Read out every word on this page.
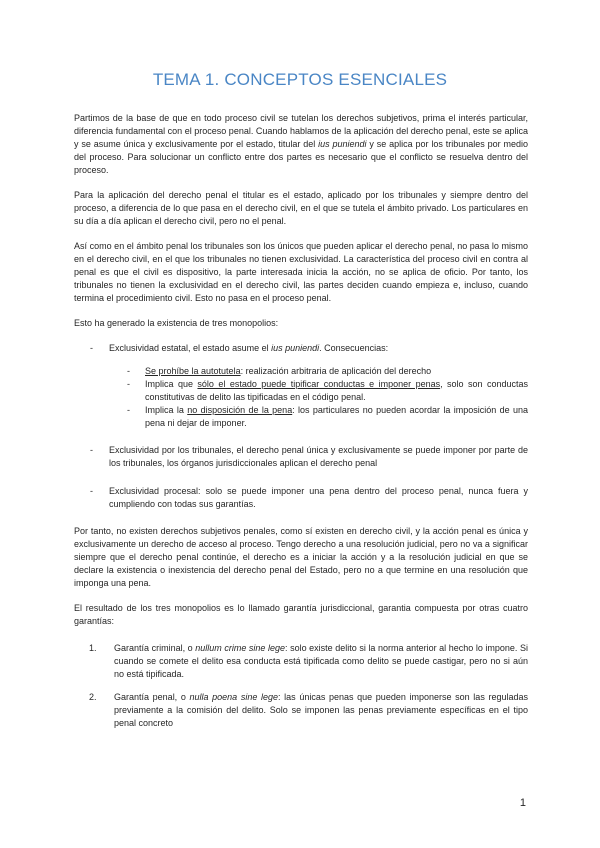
TEMA 1. CONCEPTOS ESENCIALES

Partimos de la base de que en todo proceso civil se tutelan los derechos subjetivos, prima el interés particular, diferencia fundamental con el proceso penal. Cuando hablamos de la aplicación del derecho penal, este se aplica y se asume única y exclusivamente por el estado, titular del ius puniendi y se aplica por los tribunales por medio del proceso. Para solucionar un conflicto entre dos partes es necesario que el conflicto se resuelva dentro del proceso.

Para la aplicación del derecho penal el titular es el estado, aplicado por los tribunales y siempre dentro del proceso, a diferencia de lo que pasa en el derecho civil, en el que se tutela el ámbito privado. Los particulares en su día a día aplican el derecho civil, pero no el penal.

Así como en el ámbito penal los tribunales son los únicos que pueden aplicar el derecho penal, no pasa lo mismo en el derecho civil, en el que los tribunales no tienen exclusividad. La característica del proceso civil en contra al penal es que el civil es dispositivo, la parte interesada inicia la acción, no se aplica de oficio. Por tanto, los tribunales no tienen la exclusividad en el derecho civil, las partes deciden cuando empieza e, incluso, cuando termina el procedimiento civil. Esto no pasa en el proceso penal.

Esto ha generado la existencia de tres monopolios:

- Exclusividad estatal, el estado asume el ius puniendi. Consecuencias:
- Se prohíbe la autotutela: realización arbitraria de aplicación del derecho
- Implica que sólo el estado puede tipificar conductas e imponer penas, solo son conductas constitutivas de delito las tipificadas en el código penal.
- Implica la no disposición de la pena: los particulares no pueden acordar la imposición de una pena ni dejar de imponer.
- Exclusividad por los tribunales, el derecho penal única y exclusivamente se puede imponer por parte de los tribunales, los órganos jurisdiccionales aplican el derecho penal
- Exclusividad procesal: solo se puede imponer una pena dentro del proceso penal, nunca fuera y cumpliendo con todas sus garantías.

Por tanto, no existen derechos subjetivos penales, como sí existen en derecho civil, y la acción penal es única y exclusivamente un derecho de acceso al proceso. Tengo derecho a una resolución judicial, pero no va a significar siempre que el derecho penal continúe, el derecho es a iniciar la acción y a la resolución judicial en que se declare la existencia o inexistencia del derecho penal del Estado, pero no a que termine en una resolución que imponga una pena.

El resultado de los tres monopolios es lo llamado garantía jurisdiccional, garantia compuesta por otras cuatro garantías:

1.	Garantía criminal, o nullum crime sine lege: solo existe delito si la norma anterior al hecho lo impone. Si cuando se comete el delito esa conducta está tipificada como delito se puede castigar, pero no si aún no está tipificada.
2.	Garantía penal, o nulla poena sine lege: las únicas penas que pueden imponerse son las reguladas previamente a la comisión del delito. Solo se imponen las penas previamente específicas en el tipo penal concreto
1
